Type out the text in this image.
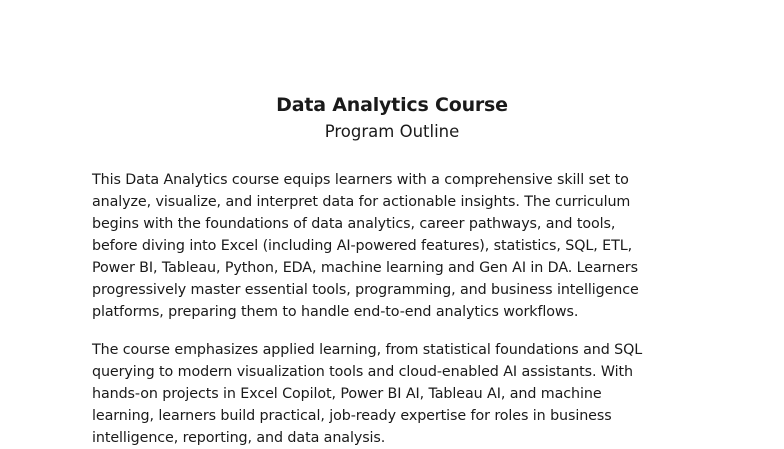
Data Analytics Course
Program Outline

This Data Analytics course equips learners with a comprehensive skill set to
analyze, visualize, and interpret data for actionable insights. The curriculum
begins with the foundations of data analytics, career pathways, and tools,
before diving into Excel (including AI-powered features), statistics, SQL, ETL,
Power BI, Tableau, Python, EDA, machine learning and Gen AI in DA. Learners
progressively master essential tools, programming, and business intelligence
platforms, preparing them to handle end-to-end analytics workflows.

The course emphasizes applied learning, from statistical foundations and SQL
querying to modern visualization tools and cloud-enabled AI assistants. With
hands-on projects in Excel Copilot, Power BI AI, Tableau AI, and machine
learning, learners build practical, job-ready expertise for roles in business
intelligence, reporting, and data analysis.
